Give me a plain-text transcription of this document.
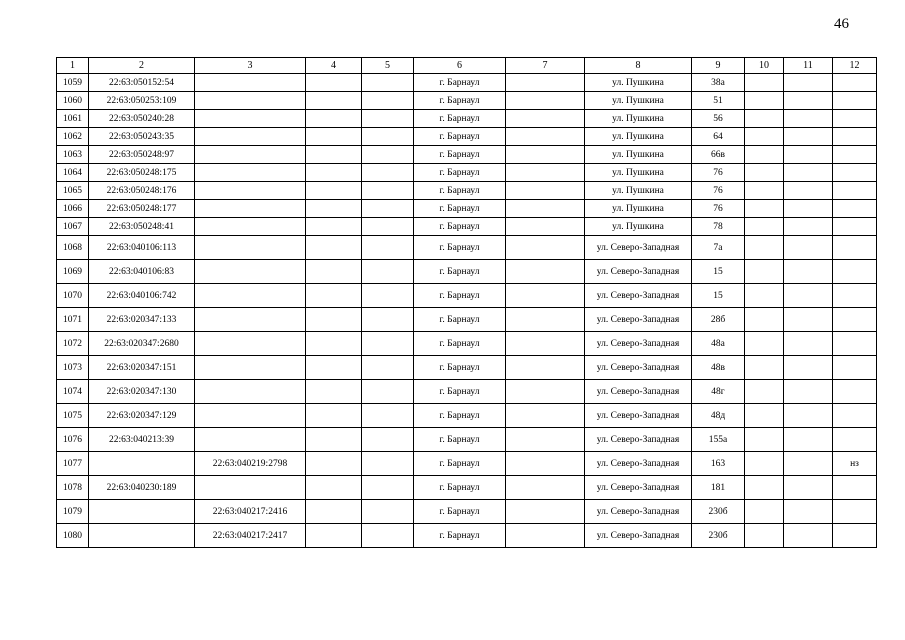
46
1	2	3	4	5	6	7	8	9	10	11	12
1059	22:63:050152:54				г. Барнаул		ул. Пушкина	38а			
1060	22:63:050253:109				г. Барнаул		ул. Пушкина	51			
1061	22:63:050240:28				г. Барнаул		ул. Пушкина	56			
1062	22:63:050243:35				г. Барнаул		ул. Пушкина	64			
1063	22:63:050248:97				г. Барнаул		ул. Пушкина	66в			
1064	22:63:050248:175				г. Барнаул		ул. Пушкина	76			
1065	22:63:050248:176				г. Барнаул		ул. Пушкина	76			
1066	22:63:050248:177				г. Барнаул		ул. Пушкина	76			
1067	22:63:050248:41				г. Барнаул		ул. Пушкина	78			
1068	22:63:040106:113				г. Барнаул		ул. Северо-Западная	7а			
1069	22:63:040106:83				г. Барнаул		ул. Северо-Западная	15			
1070	22:63:040106:742				г. Барнаул		ул. Северо-Западная	15			
1071	22:63:020347:133				г. Барнаул		ул. Северо-Западная	28б			
1072	22:63:020347:2680				г. Барнаул		ул. Северо-Западная	48а			
1073	22:63:020347:151				г. Барнаул		ул. Северо-Западная	48в			
1074	22:63:020347:130				г. Барнаул		ул. Северо-Западная	48г			
1075	22:63:020347:129				г. Барнаул		ул. Северо-Западная	48д			
1076	22:63:040213:39				г. Барнаул		ул. Северо-Западная	155а			
1077		22:63:040219:2798			г. Барнаул		ул. Северо-Западная	163			нз
1078	22:63:040230:189				г. Барнаул		ул. Северо-Западная	181			
1079		22:63:040217:2416			г. Барнаул		ул. Северо-Западная	230б			
1080		22:63:040217:2417			г. Барнаул		ул. Северо-Западная	230б			
